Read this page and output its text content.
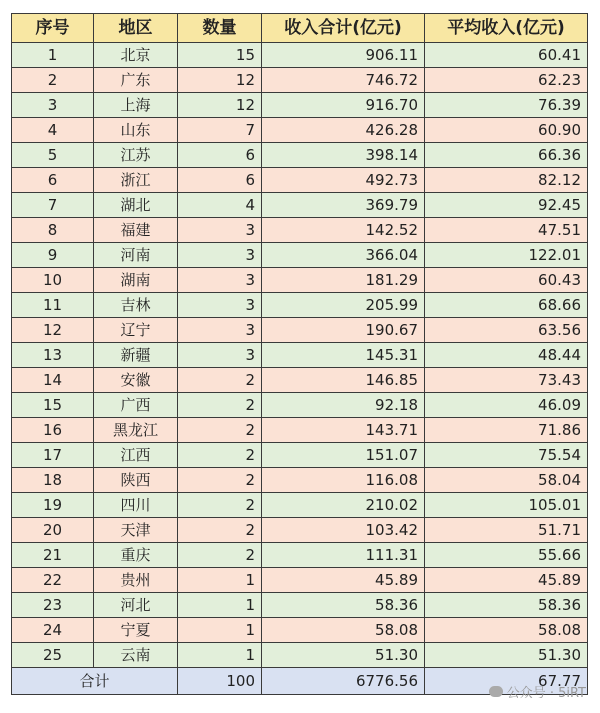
序号	地区	数量	收入合计(亿元)	平均收入(亿元)
1	北京	15	906.11	60.41
2	广东	12	746.72	62.23
3	上海	12	916.70	76.39
4	山东	7	426.28	60.90
5	江苏	6	398.14	66.36
6	浙江	6	492.73	82.12
7	湖北	4	369.79	92.45
8	福建	3	142.52	47.51
9	河南	3	366.04	122.01
10	湖南	3	181.29	60.43
11	吉林	3	205.99	68.66
12	辽宁	3	190.67	63.56
13	新疆	3	145.31	48.44
14	安徽	2	146.85	73.43
15	广西	2	92.18	46.09
16	黑龙江	2	143.71	71.86
17	江西	2	151.07	75.54
18	陕西	2	116.08	58.04
19	四川	2	210.02	105.01
20	天津	2	103.42	51.71
21	重庆	2	111.31	55.66
22	贵州	1	45.89	45.89
23	河北	1	58.36	58.36
24	宁夏	1	58.08	58.08
25	云南	1	51.30	51.30
合计		100	6776.56	67.77
公众号 · 5iRT
